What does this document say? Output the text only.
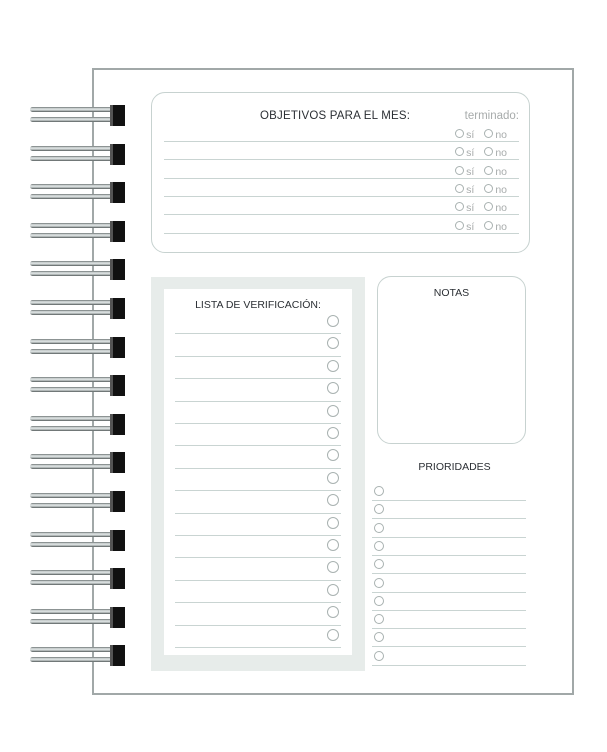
OBJETIVOS PARA EL MES:	terminado:
sí no
sí no
sí no
sí no
sí no
sí no
LISTA DE VERIFICACIÓN:
NOTAS
PRIORIDADES
